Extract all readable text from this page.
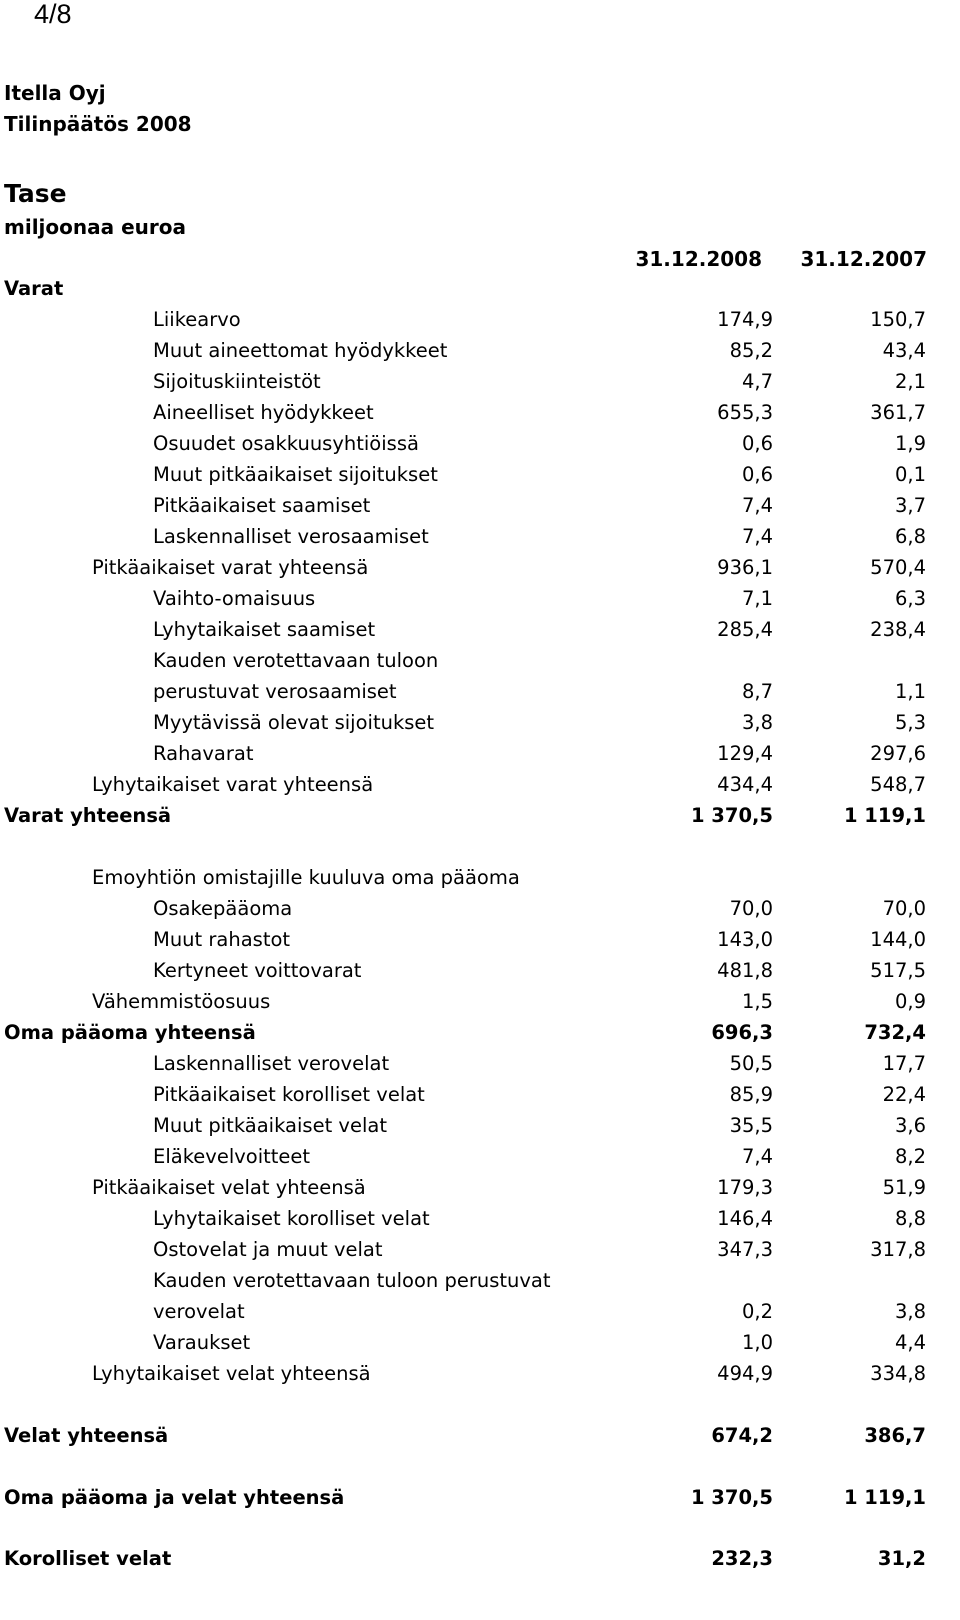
4/8
Itella Oyj
Tilinpäätös 2008
Tase
miljoonaa euroa
31.12.2008	31.12.2007
Varat
Liikearvo	174,9	150,7
Muut aineettomat hyödykkeet	85,2	43,4
Sijoituskiinteistöt	4,7	2,1
Aineelliset hyödykkeet	655,3	361,7
Osuudet osakkuusyhtiöissä	0,6	1,9
Muut pitkäaikaiset sijoitukset	0,6	0,1
Pitkäaikaiset saamiset	7,4	3,7
Laskennalliset verosaamiset	7,4	6,8
Pitkäaikaiset varat yhteensä	936,1	570,4
Vaihto-omaisuus	7,1	6,3
Lyhytaikaiset saamiset	285,4	238,4
Kauden verotettavaan tuloon
perustuvat verosaamiset	8,7	1,1
Myytävissä olevat sijoitukset	3,8	5,3
Rahavarat	129,4	297,6
Lyhytaikaiset varat yhteensä	434,4	548,7
Varat yhteensä	1 370,5	1 119,1
Emoyhtiön omistajille kuuluva oma pääoma
Osakepääoma	70,0	70,0
Muut rahastot	143,0	144,0
Kertyneet voittovarat	481,8	517,5
Vähemmistöosuus	1,5	0,9
Oma pääoma yhteensä	696,3	732,4
Laskennalliset verovelat	50,5	17,7
Pitkäaikaiset korolliset velat	85,9	22,4
Muut pitkäaikaiset velat	35,5	3,6
Eläkevelvoitteet	7,4	8,2
Pitkäaikaiset velat yhteensä	179,3	51,9
Lyhytaikaiset korolliset velat	146,4	8,8
Ostovelat ja muut velat	347,3	317,8
Kauden verotettavaan tuloon perustuvat
verovelat	0,2	3,8
Varaukset	1,0	4,4
Lyhytaikaiset velat yhteensä	494,9	334,8
Velat yhteensä	674,2	386,7
Oma pääoma ja velat yhteensä	1 370,5	1 119,1
Korolliset velat	232,3	31,2
